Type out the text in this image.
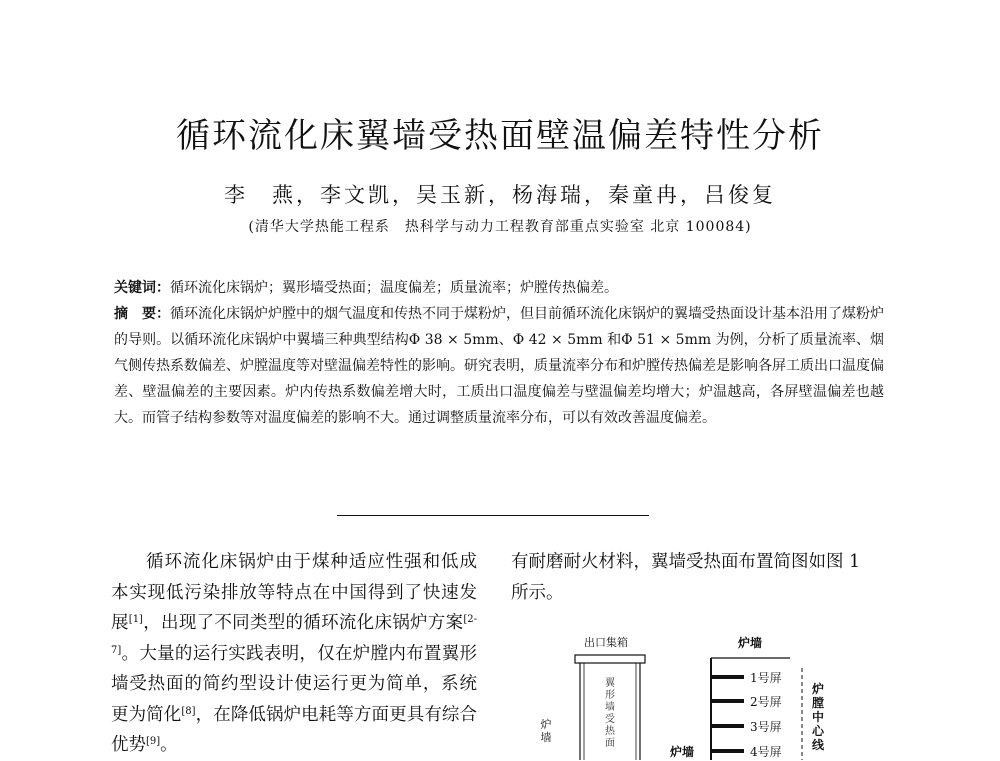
循环流化床翼墙受热面壁温偏差特性分析
李　燕，李文凯，吴玉新，杨海瑞，秦童冉，吕俊复
(清华大学热能工程系　热科学与动力工程教育部重点实验室 北京 100084)
关键词：循环流化床锅炉；翼形墙受热面；温度偏差；质量流率；炉膛传热偏差。
摘　要：循环流化床锅炉炉膛中的烟气温度和传热不同于煤粉炉，但目前循环流化床锅炉的翼墙受热面设计基本沿用了煤粉炉的导则。以循环流化床锅炉中翼墙三种典型结构Φ 38 × 5mm、Φ 42 × 5mm 和Φ 51 × 5mm 为例，分析了质量流率、烟气侧传热系数偏差、炉膛温度等对壁温偏差特性的影响。研究表明，质量流率分布和炉膛传热偏差是影响各屏工质出口温度偏差、壁温偏差的主要因素。炉内传热系数偏差增大时，工质出口温度偏差与壁温偏差均增大；炉温越高，各屏壁温偏差也越大。而管子结构参数等对温度偏差的影响不大。通过调整质量流率分布，可以有效改善温度偏差。

循环流化床锅炉由于煤种适应性强和低成本实现低污染排放等特点在中国得到了快速发展[1]，出现了不同类型的循环流化床锅炉方案[2-7]。大量的运行实践表明，仅在炉膛内布置翼形墙受热面的简约型设计使运行更为简单，系统更为简化[8]，在降低锅炉电耗等方面更具有综合优势[9]。

有耐磨耐火材料，翼墙受热面布置简图如图 1 所示。

出口集箱	炉墙
1号屏
2号屏
3号屏
4号屏
炉墙
炉墙
翼形墙受热面
炉膛中心线
